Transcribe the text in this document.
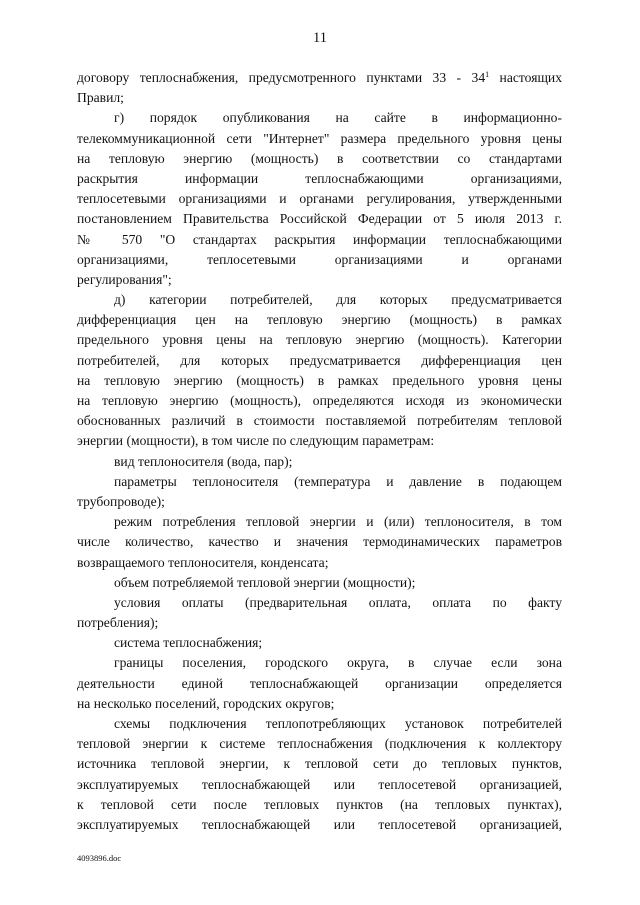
11
договору теплоснабжения, предусмотренного пунктами $33 - 34^1$ настоящих
Правил;
г) порядок опубликования на сайте в информационно-
телекоммуникационной сети "Интернет" размера предельного уровня цены
на тепловую энергию (мощность) в соответствии со стандартами
раскрытия информации теплоснабжающими организациями,
теплосетевыми организациями и органами регулирования, утвержденными
постановлением Правительства Российской Федерации от 5 июля 2013 г.
№ 570 "О стандартах раскрытия информации теплоснабжающими
организациями, теплосетевыми организациями и органами
регулирования";
д) категории потребителей, для которых предусматривается
дифференциация цен на тепловую энергию (мощность) в рамках
предельного уровня цены на тепловую энергию (мощность). Категории
потребителей, для которых предусматривается дифференциация цен
на тепловую энергию (мощность) в рамках предельного уровня цены
на тепловую энергию (мощность), определяются исходя из экономически
обоснованных различий в стоимости поставляемой потребителям тепловой
энергии (мощности), в том числе по следующим параметрам:
вид теплоносителя (вода, пар);
параметры теплоносителя (температура и давление в подающем
трубопроводе);
режим потребления тепловой энергии и (или) теплоносителя, в том
числе количество, качество и значения термодинамических параметров
возвращаемого теплоносителя, конденсата;
объем потребляемой тепловой энергии (мощности);
условия оплаты (предварительная оплата, оплата по факту
потребления);
система теплоснабжения;
границы поселения, городского округа, в случае если зона
деятельности единой теплоснабжающей организации определяется
на несколько поселений, городских округов;
схемы подключения теплопотребляющих установок потребителей
тепловой энергии к системе теплоснабжения (подключения к коллектору
источника тепловой энергии, к тепловой сети до тепловых пунктов,
эксплуатируемых теплоснабжающей или теплосетевой организацией,
к тепловой сети после тепловых пунктов (на тепловых пунктах),
эксплуатируемых теплоснабжающей или теплосетевой организацией,
4093896.doc
